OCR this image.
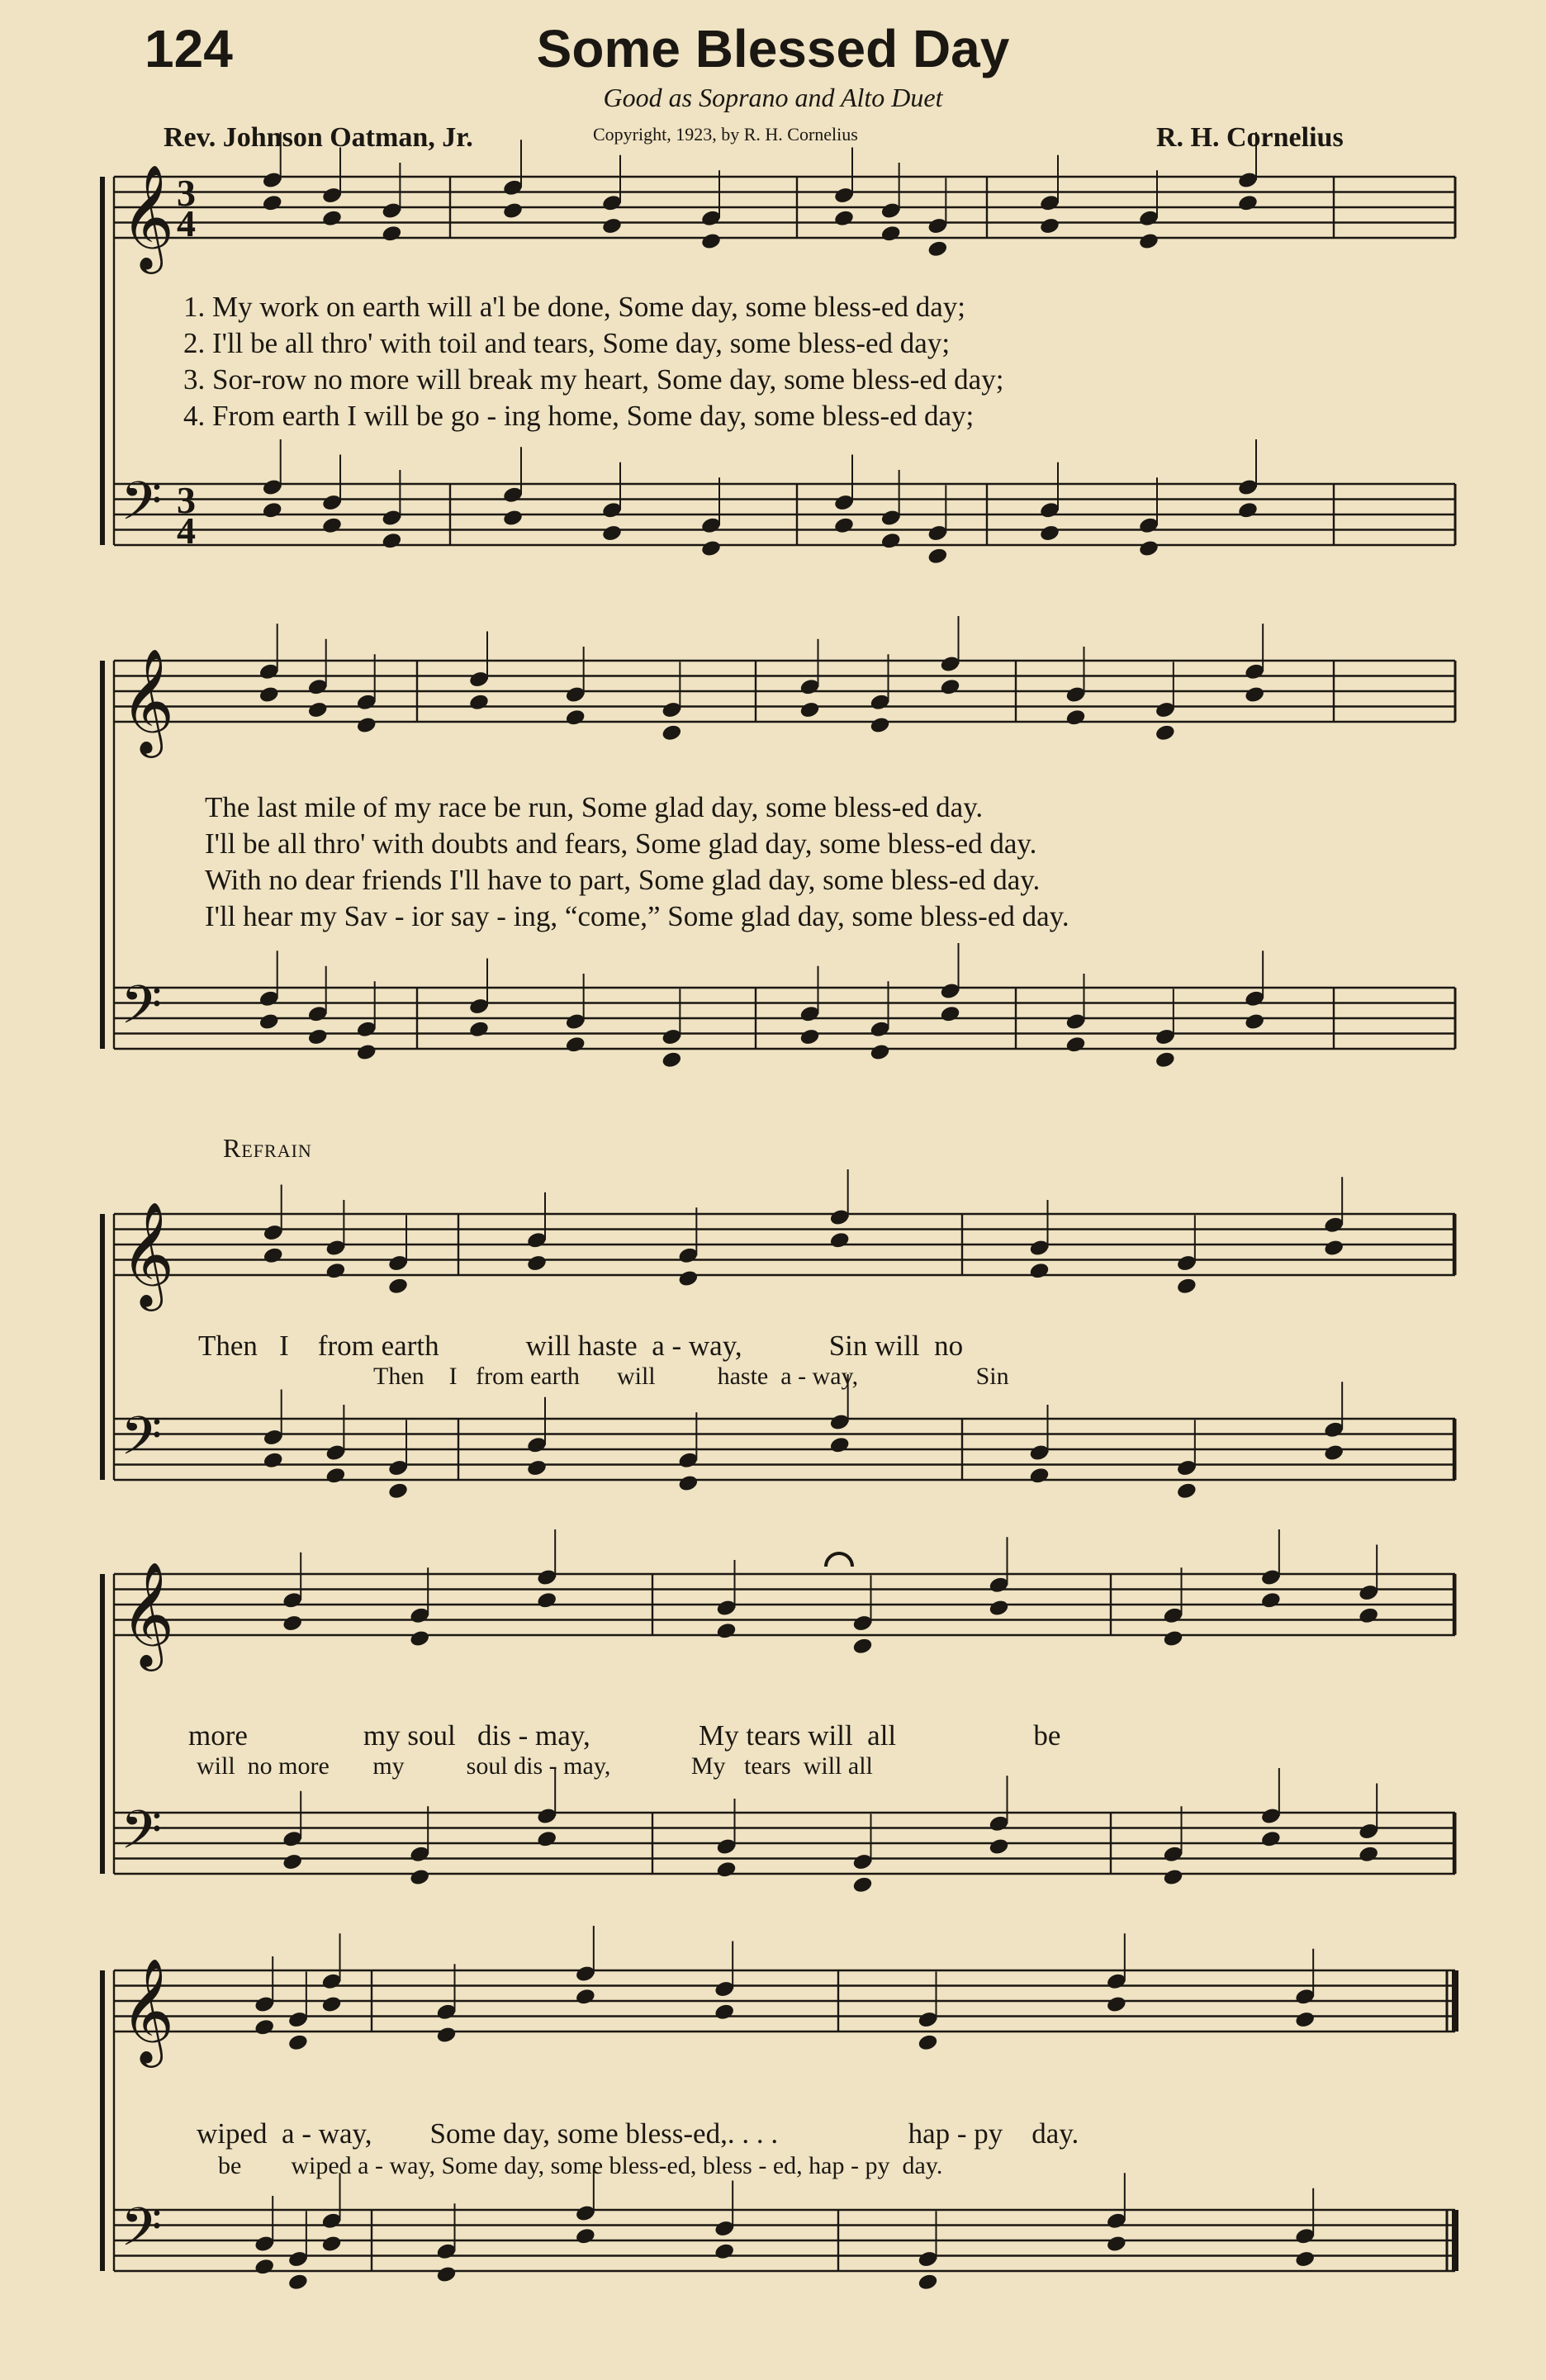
124	Some Blessed Day
Good as Soprano and Alto Duet
Rev. Johnson Oatman, Jr.	Copyright, 1923, by R. H. Cornelius	R. H. Cornelius
𝄞
𝄢
3
4
3
4
𝄞
𝄢
𝄞
𝄢
𝄞
𝄢
𝄞
𝄢
1. My work on earth will a'l be done, Some day, some bless-ed day;
2. I'll be all thro' with toil and tears, Some day, some bless-ed day;
3. Sor-row no more will break my heart, Some day, some bless-ed day;
4. From earth I will be go - ing home, Some day, some bless-ed day;
The last mile of my race be run, Some glad day, some bless-ed day.
I'll be all thro' with doubts and fears, Some glad day, some bless-ed day.
With no dear friends I'll have to part, Some glad day, some bless-ed day.
I'll hear my Sav - ior say - ing, “come,” Some glad day, some bless-ed day.
Refrain
Then I from earth	will haste a - way,	Sin will no
Then I from earth will	haste a - way,	Sin
more	my soul dis - may,	My tears will all	be
will no more my	soul dis - may,	My tears will all
wiped a - way, Some day, some bless-ed,. . . .	hap - py day.
be wiped a - way, Some day, some bless-ed, bless - ed, hap - py day.
